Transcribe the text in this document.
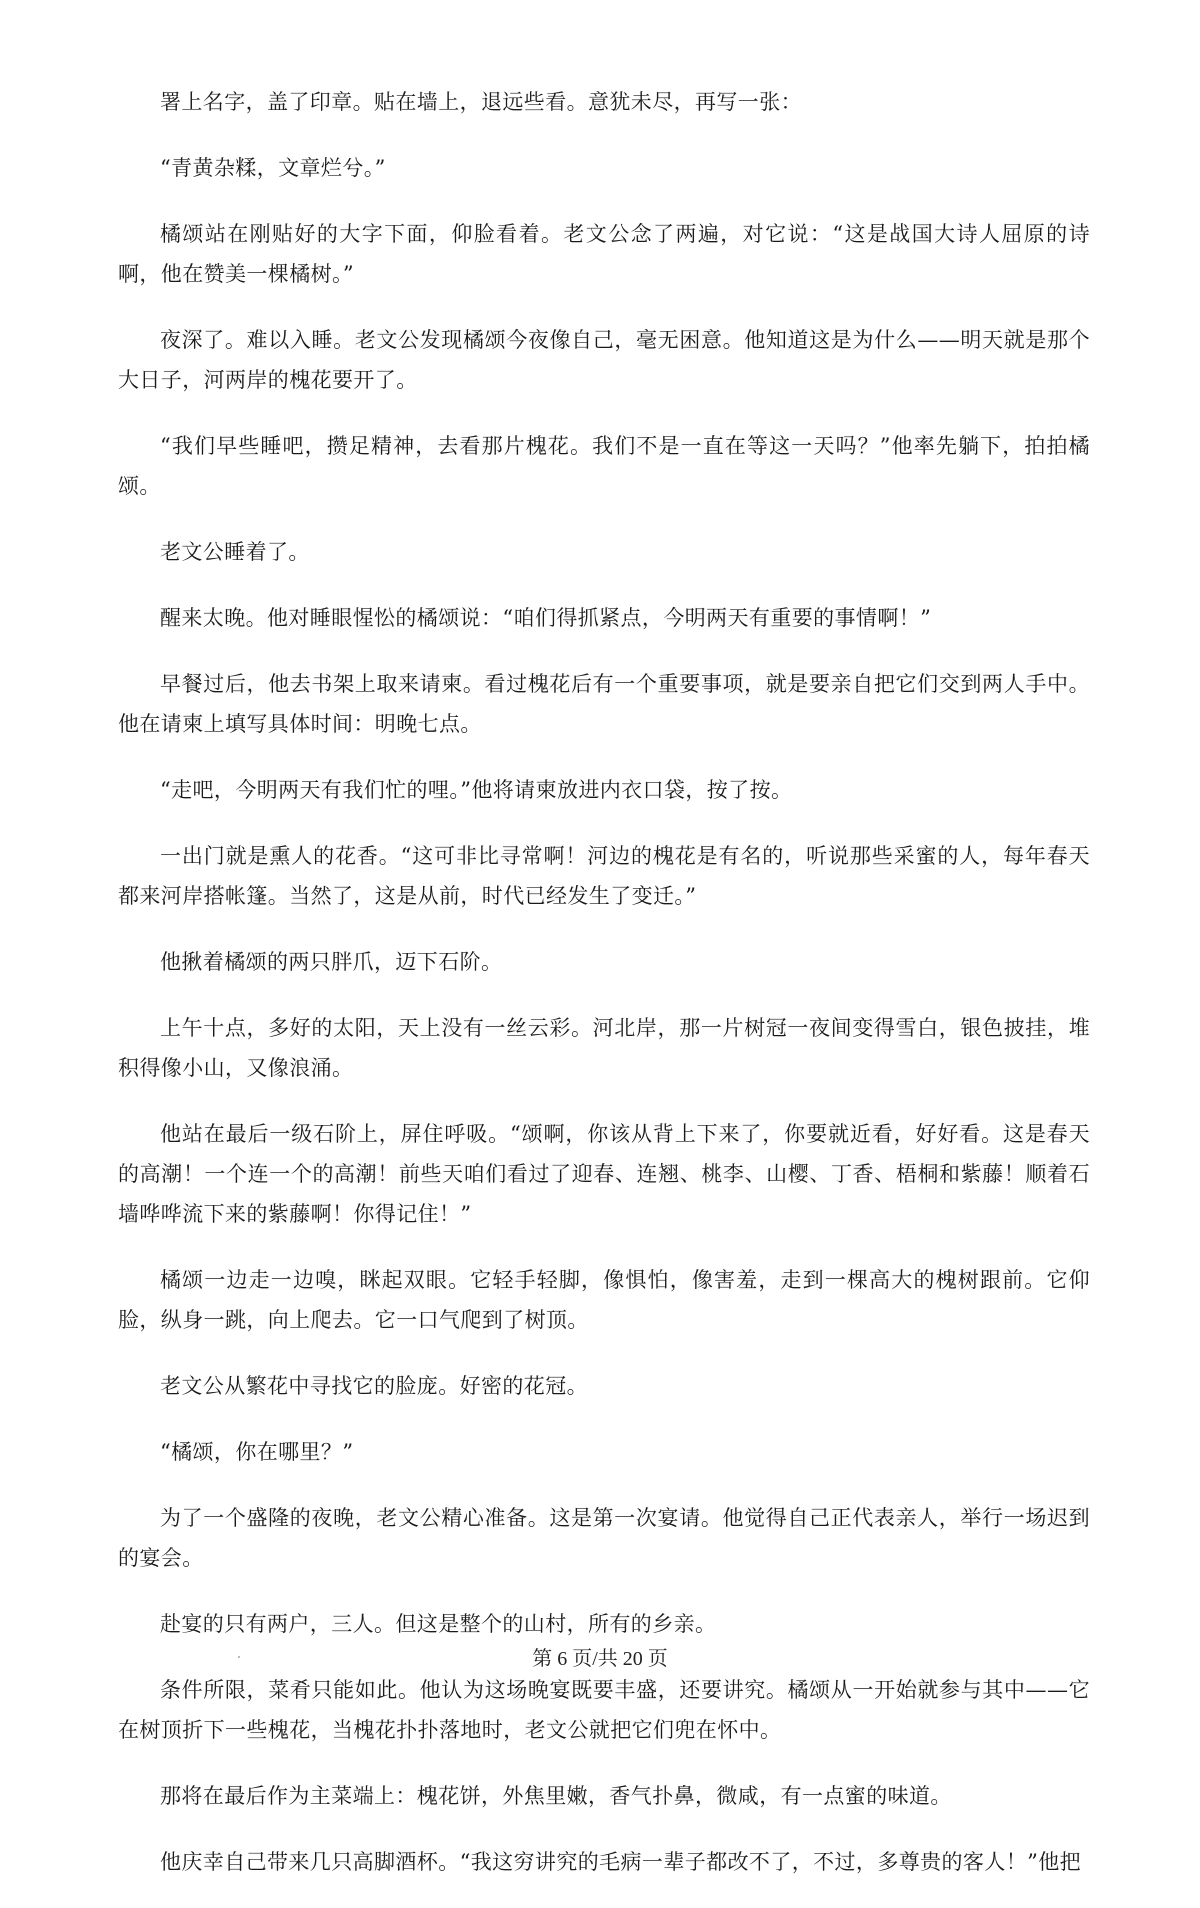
署上名字，盖了印章。贴在墙上，退远些看。意犹未尽，再写一张：

“青黄杂糅，文章烂兮。”

橘颂站在刚贴好的大字下面，仰脸看着。老文公念了两遍，对它说：“这是战国大诗人屈原的诗啊，他在赞美一棵橘树。”

夜深了。难以入睡。老文公发现橘颂今夜像自己，毫无困意。他知道这是为什么——明天就是那个大日子，河两岸的槐花要开了。

“我们早些睡吧，攒足精神，去看那片槐花。我们不是一直在等这一天吗？”他率先躺下，拍拍橘颂。

老文公睡着了。

醒来太晚。他对睡眼惺忪的橘颂说：“咱们得抓紧点，今明两天有重要的事情啊！”

早餐过后，他去书架上取来请柬。看过槐花后有一个重要事项，就是要亲自把它们交到两人手中。他在请柬上填写具体时间：明晚七点。

“走吧，今明两天有我们忙的哩。”他将请柬放进内衣口袋，按了按。

一出门就是熏人的花香。“这可非比寻常啊！河边的槐花是有名的，听说那些采蜜的人，每年春天都来河岸搭帐篷。当然了，这是从前，时代已经发生了变迁。”

他揪着橘颂的两只胖爪，迈下石阶。

上午十点，多好的太阳，天上没有一丝云彩。河北岸，那一片树冠一夜间变得雪白，银色披挂，堆积得像小山，又像浪涌。

他站在最后一级石阶上，屏住呼吸。“颂啊，你该从背上下来了，你要就近看，好好看。这是春天的高潮！一个连一个的高潮！前些天咱们看过了迎春、连翘、桃李、山樱、丁香、梧桐和紫藤！顺着石墙哗哗流下来的紫藤啊！你得记住！”

橘颂一边走一边嗅，眯起双眼。它轻手轻脚，像惧怕，像害羞，走到一棵高大的槐树跟前。它仰脸，纵身一跳，向上爬去。它一口气爬到了树顶。

老文公从繁花中寻找它的脸庞。好密的花冠。

“橘颂，你在哪里？”

为了一个盛隆的夜晚，老文公精心准备。这是第一次宴请。他觉得自己正代表亲人，举行一场迟到的宴会。

赴宴的只有两户，三人。但这是整个的山村，所有的乡亲。

条件所限，菜肴只能如此。他认为这场晚宴既要丰盛，还要讲究。橘颂从一开始就参与其中——它在树顶折下一些槐花，当槐花扑扑落地时，老文公就把它们兜在怀中。

那将在最后作为主菜端上：槐花饼，外焦里嫩，香气扑鼻，微咸，有一点蜜的味道。

他庆幸自己带来几只高脚酒杯。“我这穷讲究的毛病一辈子都改不了，不过，多尊贵的客人！”他把

第 6 页/共 20 页
